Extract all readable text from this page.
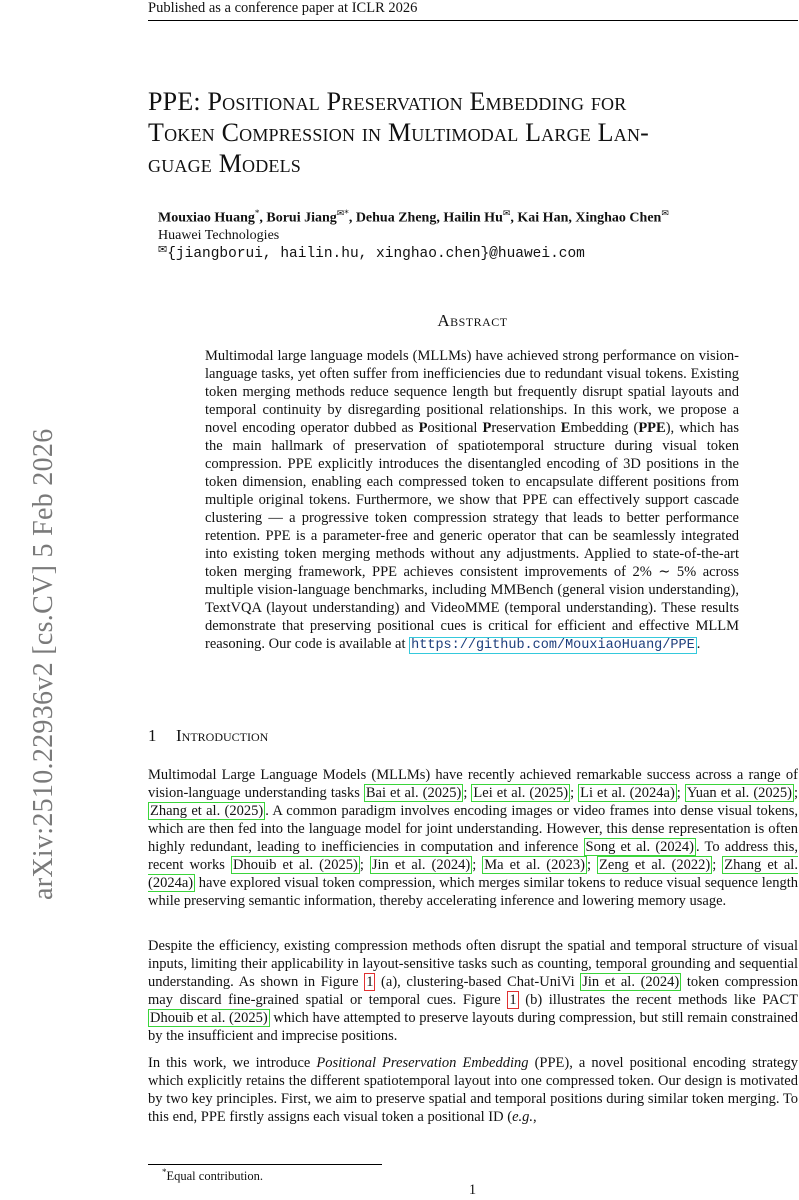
Published as a conference paper at ICLR 2026
arXiv:2510.22936v2 [cs.CV] 5 Feb 2026
PPE: Positional Preservation Embedding for
Token Compression in Multimodal Large Lan-
guage Models
Mouxiao Huang*, Borui Jiang✉*, Dehua Zheng, Hailin Hu✉, Kai Han, Xinghao Chen✉
Huawei Technologies
✉{jiangborui, hailin.hu, xinghao.chen}@huawei.com
Abstract
Multimodal large language models (MLLMs) have achieved strong performance on vision-language tasks, yet often suffer from inefficiencies due to redundant visual tokens. Existing token merging methods reduce sequence length but frequently disrupt spatial layouts and temporal continuity by disregarding positional relationships. In this work, we propose a novel encoding operator dubbed as Positional Preservation Embedding (PPE), which has the main hallmark of preservation of spatiotemporal structure during visual token compression. PPE explicitly introduces the disentangled encoding of 3D positions in the token dimension, enabling each compressed token to encapsulate different positions from multiple original tokens. Furthermore, we show that PPE can effectively support cascade clustering — a progressive token compression strategy that leads to better performance retention. PPE is a parameter-free and generic operator that can be seamlessly integrated into existing token merging methods without any adjustments. Applied to state-of-the-art token merging framework, PPE achieves consistent improvements of 2% ∼ 5% across multiple vision-language benchmarks, including MMBench (general vision understanding), TextVQA (layout understanding) and VideoMME (temporal understanding). These results demonstrate that preserving positional cues is critical for efficient and effective MLLM reasoning. Our code is available at https://github.com/MouxiaoHuang/PPE .
1 Introduction
Multimodal Large Language Models (MLLMs) have recently achieved remarkable success across a range of vision-language understanding tasks Bai et al. (2025) ; Lei et al. (2025) ; Li et al. (2024a) ; Yuan et al. (2025) ; Zhang et al. (2025) . A common paradigm involves encoding images or video frames into dense visual tokens, which are then fed into the language model for joint understanding. However, this dense representation is often highly redundant, leading to inefficiencies in computation and inference Song et al. (2024) . To address this, recent works Dhouib et al. (2025) ; Jin et al. (2024) ; Ma et al. (2023) ; Zeng et al. (2022) ; Zhang et al. (2024a) have explored visual token compression, which merges similar tokens to reduce visual sequence length while preserving semantic information, thereby accelerating inference and lowering memory usage.
Despite the efficiency, existing compression methods often disrupt the spatial and temporal structure of visual inputs, limiting their applicability in layout-sensitive tasks such as counting, temporal grounding and sequential understanding. As shown in Figure 1 (a), clustering-based Chat-UniVi Jin et al. (2024) token compression may discard fine-grained spatial or temporal cues. Figure 1 (b) illustrates the recent methods like PACT Dhouib et al. (2025) which have attempted to preserve layouts during compression, but still remain constrained by the insufficient and imprecise positions.
In this work, we introduce Positional Preservation Embedding (PPE), a novel positional encoding strategy which explicitly retains the different spatiotemporal layout into one compressed token. Our design is motivated by two key principles. First, we aim to preserve spatial and temporal positions during similar token merging. To this end, PPE firstly assigns each visual token a positional ID (e.g.,
*Equal contribution.
1
